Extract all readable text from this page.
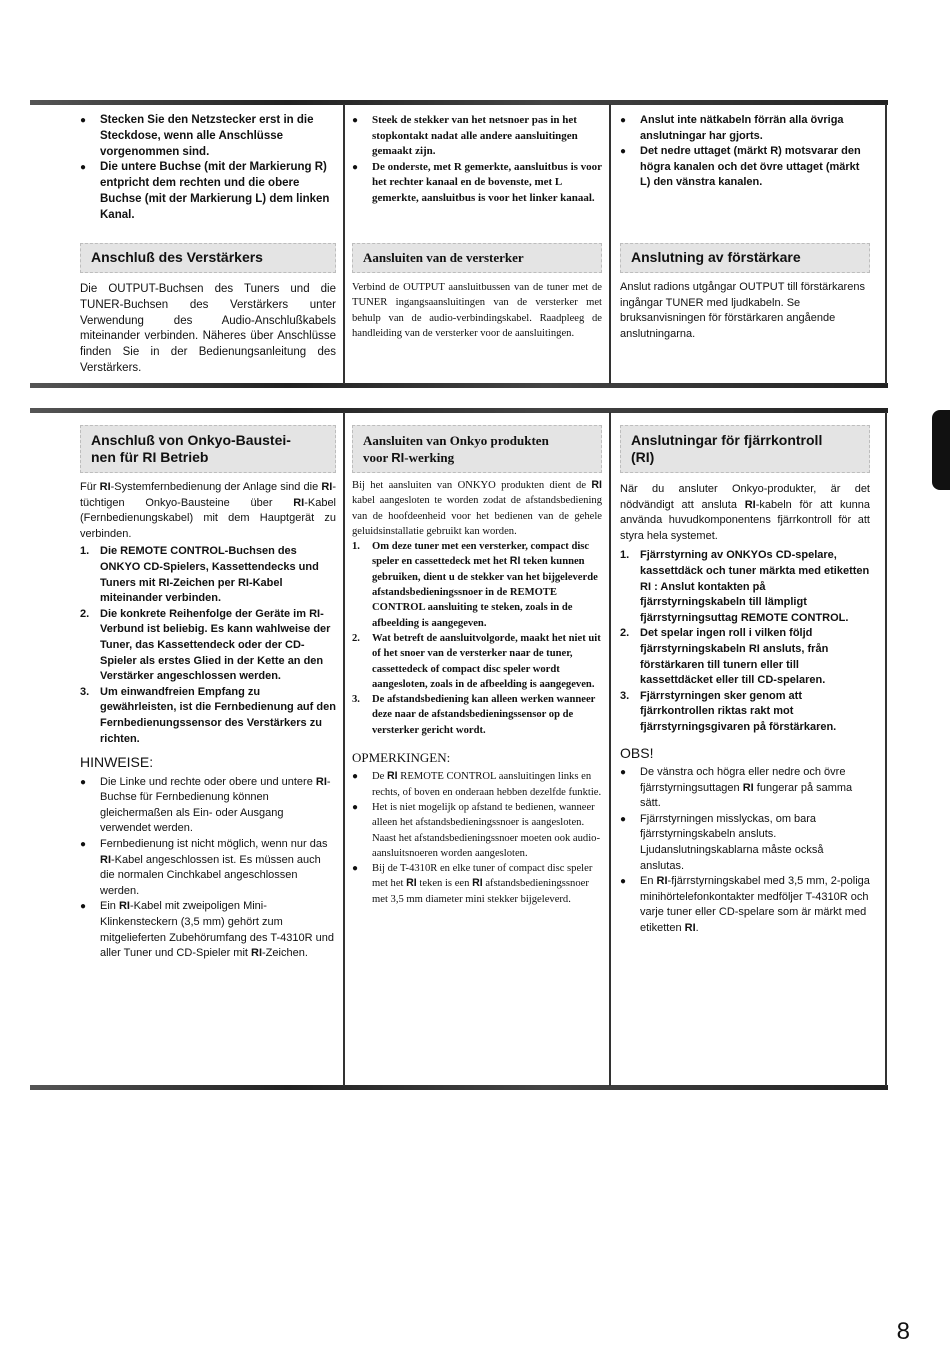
● Stecken Sie den Netzstecker erst in die Steckdose, wenn alle Anschlüsse vorgenommen sind.
● Die untere Buchse (mit der Markierung R) entpricht dem rechten und die obere Buchse (mit der Markierung L) dem linken Kanal.
● Steek de stekker van het netsnoer pas in het stopkontakt nadat alle andere aansluitingen gemaakt zijn.
● De onderste, met R gemerkte, aansluitbus is voor het rechter kanaal en de bovenste, met L gemerkte, aansluitbus is voor het linker kanaal.
● Anslut inte nätkabeln förrän alla övriga anslutningar har gjorts.
● Det nedre uttaget (märkt R) motsvarar den högra kanalen och det övre uttaget (märkt L) den vänstra kanalen.
Anschluß des Verstärkers	Aansluiten van de versterker	Anslutning av förstärkare
Die OUTPUT-Buchsen des Tuners und die TUNER-Buchsen des Verstärkers unter Verwendung des Audio-Anschlußkabels miteinander verbinden. Näheres über Anschlüsse finden Sie in der Bedienungsanleitung des Verstärkers.
Verbind de OUTPUT aansluitbussen van de tuner met de TUNER ingangsaansluitingen van de versterker met behulp van de audio-verbindingskabel. Raadpleeg de handleiding van de versterker voor de aansluitingen.
Anslut radions utgångar OUTPUT till förstärkarens ingångar TUNER med ljudkabeln. Se bruksanvisningen för förstärkaren angående anslutningarna.
Anschluß von Onkyo-Baustei-
nen für RI Betrieb
Für RI-Systemfernbedienung der Anlage sind die RI-tüchtigen Onkyo-Bausteine über RI-Kabel (Fernbedienungskabel) mit dem Hauptgerät zu verbinden.
1. Die REMOTE CONTROL-Buchsen des ONKYO CD-Spielers, Kassettendecks und Tuners mit RI-Zeichen per RI-Kabel miteinander verbinden.
2. Die konkrete Reihenfolge der Geräte im RI-Verbund ist beliebig. Es kann wahlweise der Tuner, das Kassettendeck oder der CD-Spieler als erstes Glied in der Kette an den Verstärker angeschlossen werden.
3. Um einwandfreien Empfang zu gewährleisten, ist die Fernbedienung auf den Fernbedienungssensor des Verstärkers zu richten.
HINWEISE:
● Die Linke und rechte oder obere und untere RI-Buchse für Fernbedienung können gleichermaßen als Ein- oder Ausgang verwendet werden.
● Fernbedienung ist nicht möglich, wenn nur das RI-Kabel angeschlossen ist. Es müssen auch die normalen Cinchkabel angeschlossen werden.
● Ein RI-Kabel mit zweipoligen Mini-Klinkensteckern (3,5 mm) gehört zum mitgelieferten Zubehörumfang des T-4310R und aller Tuner und CD-Spieler mit RI-Zeichen.
Aansluiten van Onkyo produkten
voor RI-werking
Bij het aansluiten van ONKYO produkten dient de RI kabel aangesloten te worden zodat de afstandsbediening van de hoofdeenheid voor het bedienen van de gehele geluidsinstallatie gebruikt kan worden.
1. Om deze tuner met een versterker, compact disc speler en cassettedeck met het RI teken kunnen gebruiken, dient u de stekker van het bijgeleverde afstandsbedieningssnoer in de REMOTE CONTROL aansluiting te steken, zoals in de afbeelding is aangegeven.
2. Wat betreft de aansluitvolgorde, maakt het niet uit of het snoer van de versterker naar de tuner, cassettedeck of compact disc speler wordt aangesloten, zoals in de afbeelding is aangegeven.
3. De afstandsbediening kan alleen werken wanneer deze naar de afstandsbedieningssensor op de versterker gericht wordt.
OPMERKINGEN:
● De RI REMOTE CONTROL aansluitingen links en rechts, of boven en onderaan hebben dezelfde funktie.
● Het is niet mogelijk op afstand te bedienen, wanneer alleen het afstandsbedieningssnoer is aangesloten. Naast het afstandsbedieningssnoer moeten ook audio-aansluitsnoeren worden aangesloten.
● Bij de T-4310R en elke tuner of compact disc speler met het RI teken is een RI afstandsbedieningssnoer met 3,5 mm diameter mini stekker bijgeleverd.
Anslutningar för fjärrkontroll
(RI)
När du ansluter Onkyo-produkter, är det nödvändigt att ansluta RI-kabeln för att kunna använda huvudkomponentens fjärrkontroll för att styra hela systemet.
1. Fjärrstyrning av ONKYOs CD-spelare, kassettdäck och tuner märkta med etiketten RI : Anslut kontakten på fjärrstyrningskabeln till lämpligt fjärrstyrningsuttag REMOTE CONTROL.
2. Det spelar ingen roll i vilken följd fjärrstyrningskabeln RI ansluts, från förstärkaren till tunern eller till kassettdäcket eller till CD-spelaren.
3. Fjärrstyrningen sker genom att fjärrkontrollen riktas rakt mot fjärrstyrningsgivaren på förstärkaren.
OBS!
● De vänstra och högra eller nedre och övre fjärrstyrningsuttagen RI fungerar på samma sätt.
● Fjärrstyrningen misslyckas, om bara fjärrstyrningskabeln ansluts. Ljudanslutningskablarna måste också anslutas.
● En RI-fjärrstyrningskabel med 3,5 mm, 2-poliga minihörtelefonkontakter medföljer T-4310R och varje tuner eller CD-spelare som är märkt med etiketten RI.
8
